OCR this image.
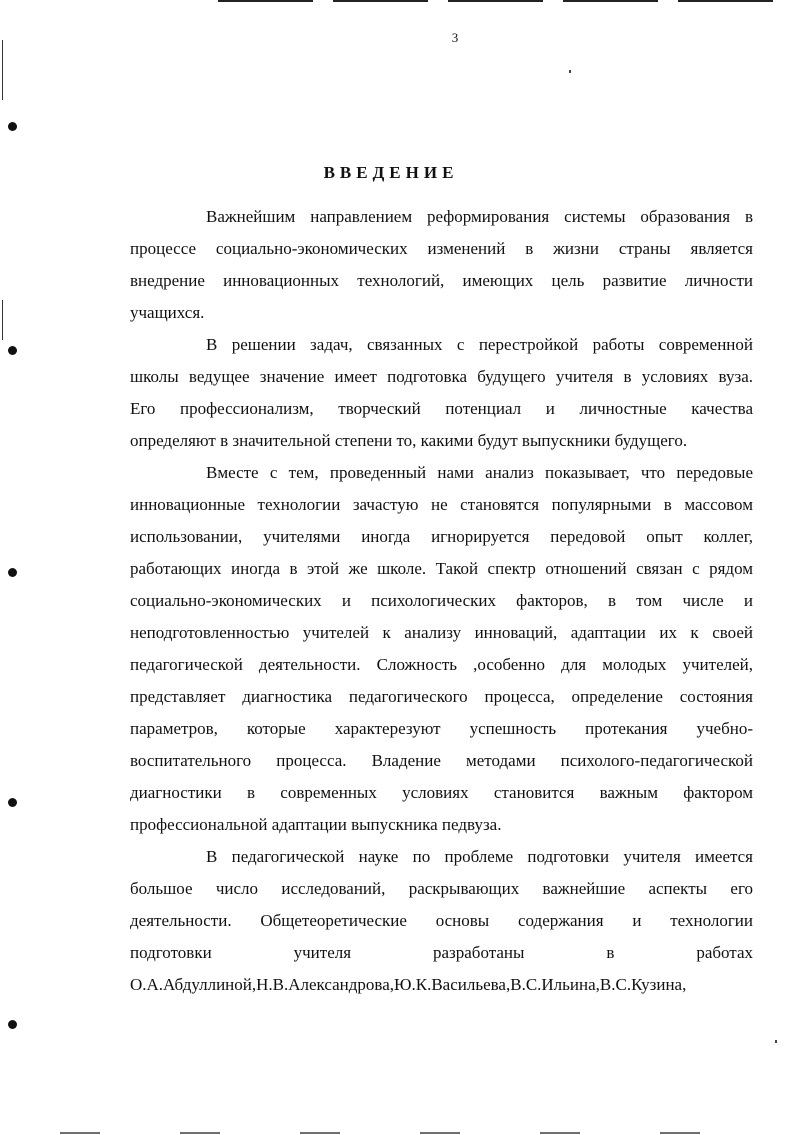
3
ВВЕДЕНИЕ

Важнейшим направлением реформирования системы образования в

процессе социально-экономических изменений в жизни страны является

внедрение инновационных технологий, имеющих цель развитие личности

учащихся.

В решении задач, связанных с перестройкой работы современной

школы ведущее значение имеет подготовка будущего учителя в условиях вуза.

Его профессионализм, творческий потенциал и личностные качества

определяют в значительной степени то, какими будут выпускники будущего.

Вместе с тем, проведенный нами анализ показывает, что передовые

инновационные технологии зачастую не становятся популярными в массовом

использовании, учителями иногда игнорируется передовой опыт коллег,

работающих иногда в этой же школе. Такой спектр отношений связан с рядом

социально-экономических и психологических факторов, в том числе и

неподготовленностью учителей к анализу инноваций, адаптации их к своей

педагогической деятельности. Сложность ,особенно для молодых учителей,

представляет диагностика педагогического процесса, определение состояния

параметров, которые характерезуют успешность протекания учебно-

воспитательного процесса. Владение методами психолого-педагогической

диагностики в современных условиях становится важным фактором

профессиональной адаптации выпускника педвуза.

В педагогической науке по проблеме подготовки учителя имеется

большое число исследований, раскрывающих важнейшие аспекты его

деятельности. Общетеоретические основы содержания и технологии

подготовки учителя разработаны в работах

О.А.Абдуллиной,Н.В.Александрова,Ю.К.Васильева,В.С.Ильина,В.С.Кузина,
